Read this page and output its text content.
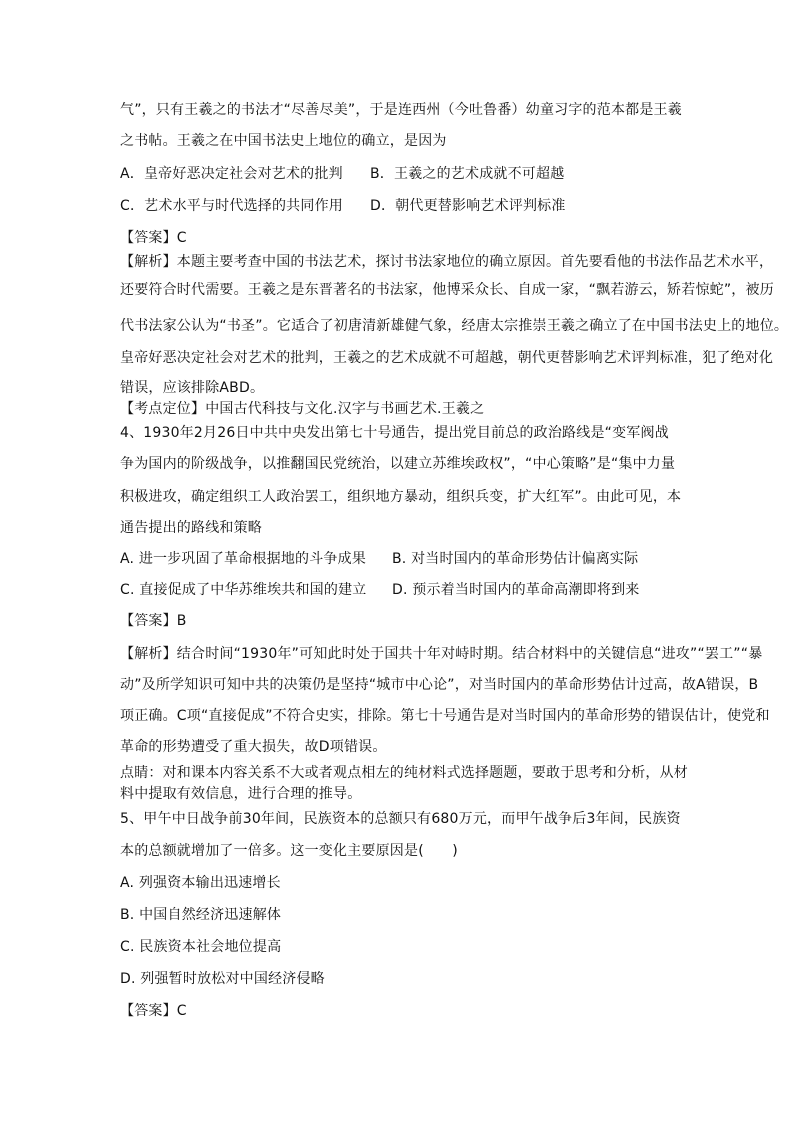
气”，只有王羲之的书法才“尽善尽美”，于是连西州（今吐鲁番）幼童习字的范本都是王羲
之书帖。王羲之在中国书法史上地位的确立，是因为
A．皇帝好恶决定社会对艺术的批判 B．王羲之的艺术成就不可超越
C．艺术水平与时代选择的共同作用 D．朝代更替影响艺术评判标准
【答案】C
【解析】本题主要考查中国的书法艺术，探讨书法家地位的确立原因。首先要看他的书法作品艺术水平，
还要符合时代需要。王羲之是东晋著名的书法家，他博采众长、自成一家，“飘若游云，矫若惊蛇”，被历
代书法家公认为“书圣”。它适合了初唐清新雄健气象，经唐太宗推崇王羲之确立了在中国书法史上的地位。
皇帝好恶决定社会对艺术的批判，王羲之的艺术成就不可超越，朝代更替影响艺术评判标准，犯了绝对化
错误，应该排除ABD。
【考点定位】中国古代科技与文化.汉字与书画艺术.王羲之
4、1930年2月26日中共中央发出第七十号通告，提出党目前总的政治路线是“变军阀战
争为国内的阶级战争，以推翻国民党统治，以建立苏维埃政权”，“中心策略”是“集中力量
积极进攻，确定组织工人政治罢工，组织地方暴动，组织兵变，扩大红军”。由此可见，本
通告提出的路线和策略
A. 进一步巩固了革命根据地的斗争成果 B. 对当时国内的革命形势估计偏离实际
C. 直接促成了中华苏维埃共和国的建立 D. 预示着当时国内的革命高潮即将到来
【答案】B
【解析】结合时间“1930年”可知此时处于国共十年对峙时期。结合材料中的关键信息“进攻”“罢工”“暴
动”及所学知识可知中共的决策仍是坚持“城市中心论”，对当时国内的革命形势估计过高，故A错误，B
项正确。C项“直接促成”不符合史实，排除。第七十号通告是对当时国内的革命形势的错误估计，使党和
革命的形势遭受了重大损失，故D项错误。
点睛：对和课本内容关系不大或者观点相左的纯材料式选择题题，要敢于思考和分析，从材
料中提取有效信息，进行合理的推导。
5、甲午中日战争前30年间，民族资本的总额只有680万元，而甲午战争后3年间，民族资
本的总额就增加了一倍多。这一变化主要原因是(　　)
A. 列强资本输出迅速增长
B. 中国自然经济迅速解体
C. 民族资本社会地位提高
D. 列强暂时放松对中国经济侵略
【答案】C
